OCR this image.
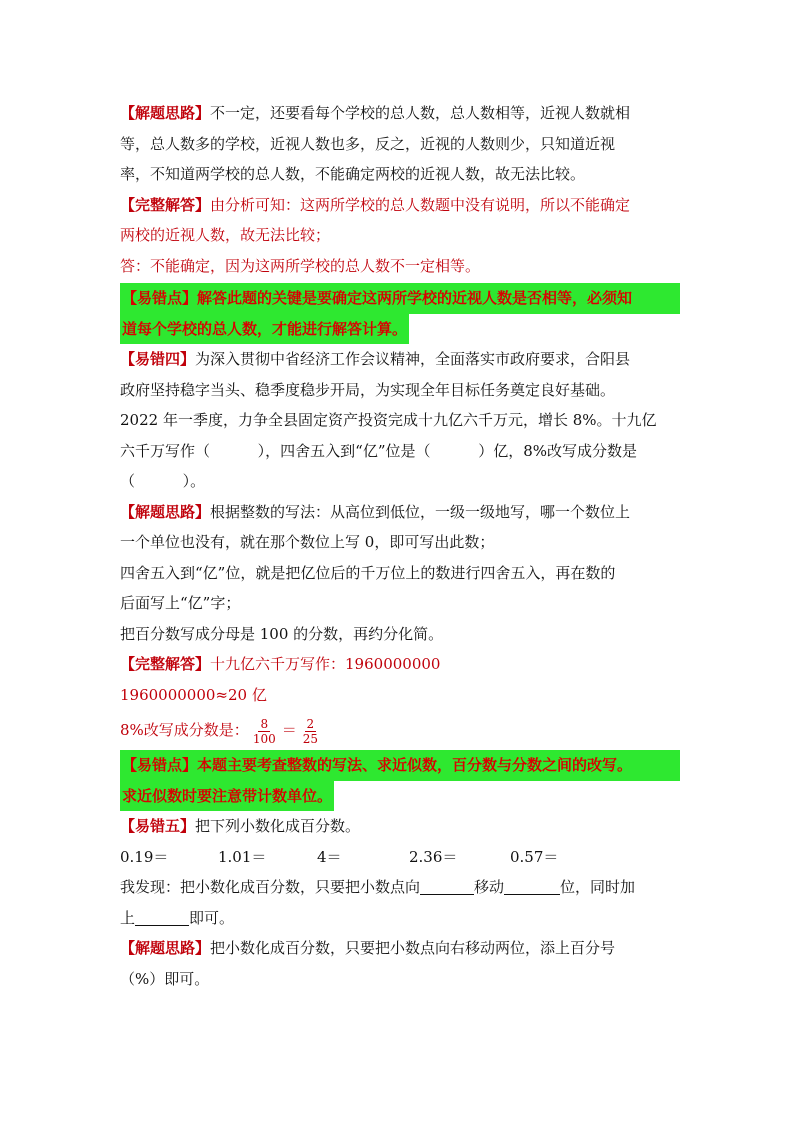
【解题思路】不一定，还要看每个学校的总人数，总人数相等，近视人数就相

等，总人数多的学校，近视人数也多，反之，近视的人数则少，只知道近视

率，不知道两学校的总人数，不能确定两校的近视人数，故无法比较。

【完整解答】由分析可知：这两所学校的总人数题中没有说明，所以不能确定

两校的近视人数，故无法比较；

答：不能确定，因为这两所学校的总人数不一定相等。

【易错点】解答此题的关键是要确定这两所学校的近视人数是否相等，必须知
道每个学校的总人数，才能进行解答计算。

【易错四】为深入贯彻中省经济工作会议精神，全面落实市政府要求，合阳县

政府坚持稳字当头、稳季度稳步开局，为实现全年目标任务奠定良好基础。

2022 年一季度，力争全县固定资产投资完成十九亿六千万元，增长 8%。十九亿

六千万写作（          ），四舍五入到“亿”位是（          ）亿，8%改写成分数是

（          ）。

【解题思路】根据整数的写法：从高位到低位，一级一级地写，哪一个数位上

一个单位也没有，就在那个数位上写 0，即可写出此数；

四舍五入到“亿”位，就是把亿位后的千万位上的数进行四舍五入，再在数的

后面写上“亿”字；

把百分数写成分母是 100 的分数，再约分化简。

【完整解答】十九亿六千万写作：1960000000

1960000000≈20 亿

8%改写成分数是： $\frac{8}{100} = \frac{2}{25}$

【易错点】本题主要考查整数的写法、求近似数，百分数与分数之间的改写。
求近似数时要注意带计数单位。

【易错五】把下列小数化成百分数。

0.19＝	1.01＝	4＝	2.36＝	0.57＝

我发现：把小数化成百分数，只要把小数点向	移动	位，同时加

上	即可。

【解题思路】把小数化成百分数，只要把小数点向右移动两位，添上百分号

（%）即可。
